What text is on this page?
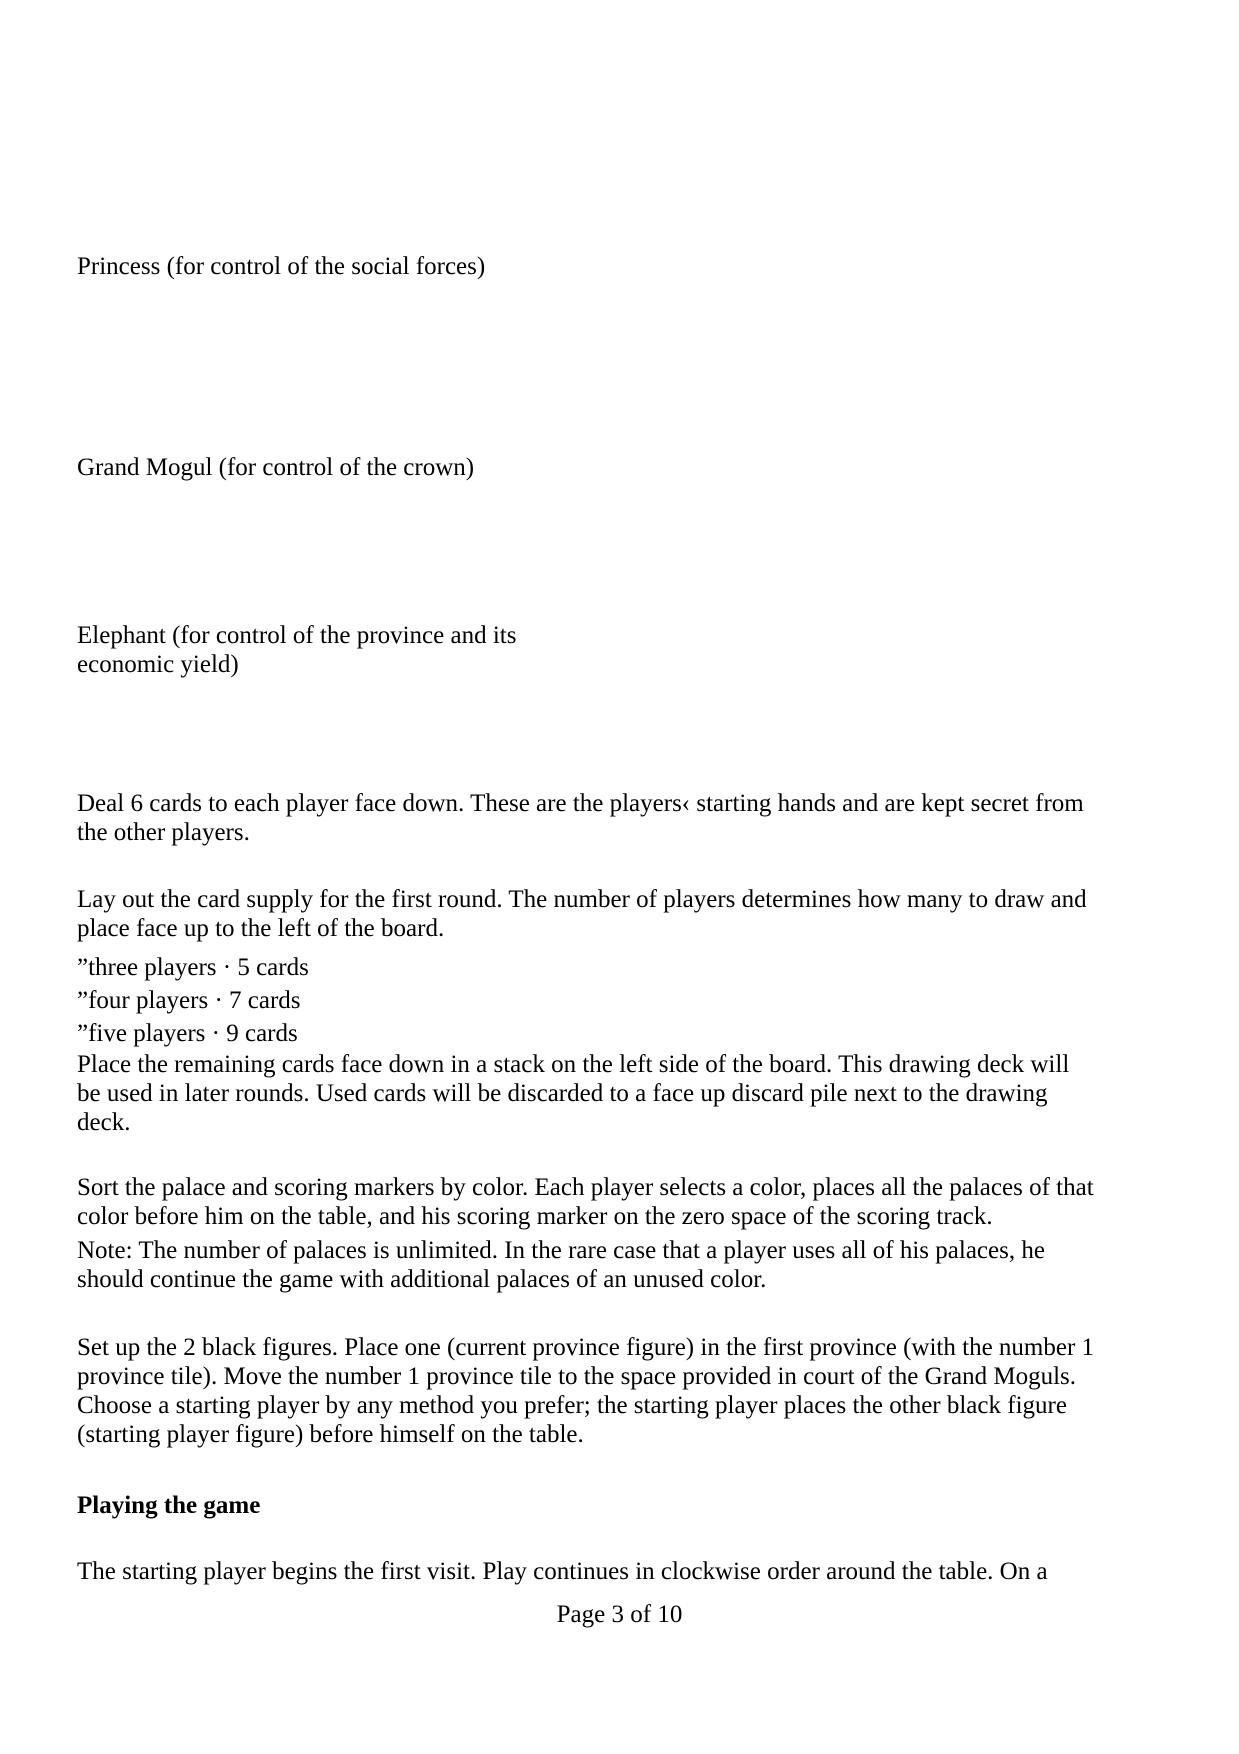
Princess (for control of the social forces)
Grand Mogul (for control of the crown)
Elephant (for control of the province and its
economic yield)
Deal 6 cards to each player face down. These are the players‹ starting hands and are kept secret from
the other players.
Lay out the card supply for the first round. The number of players determines how many to draw and
place face up to the left of the board.
”three players · 5 cards
”four players · 7 cards
”five players · 9 cards
Place the remaining cards face down in a stack on the left side of the board. This drawing deck will
be used in later rounds. Used cards will be discarded to a face up discard pile next to the drawing
deck.
Sort the palace and scoring markers by color. Each player selects a color, places all the palaces of that
color before him on the table, and his scoring marker on the zero space of the scoring track.
Note: The number of palaces is unlimited. In the rare case that a player uses all of his palaces, he
should continue the game with additional palaces of an unused color.
Set up the 2 black figures. Place one (current province figure) in the first province (with the number 1
province tile). Move the number 1 province tile to the space provided in court of the Grand Moguls.
Choose a starting player by any method you prefer; the starting player places the other black figure
(starting player figure) before himself on the table.
Playing the game
The starting player begins the first visit. Play continues in clockwise order around the table. On a
Page 3 of 10
